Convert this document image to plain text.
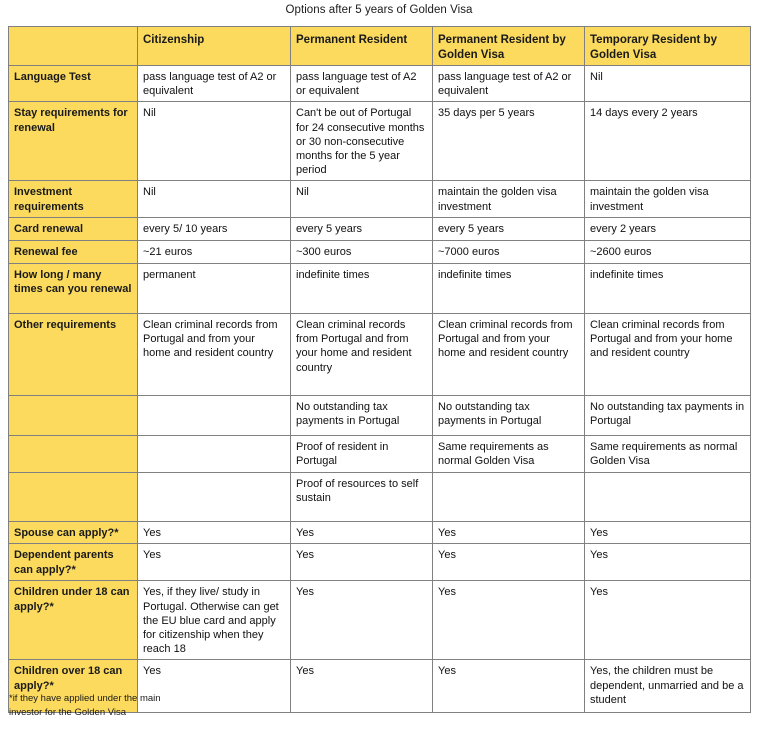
Options after 5 years of Golden Visa
	Citizenship	Permanent Resident	Permanent Resident by Golden Visa	Temporary Resident by Golden Visa
Language Test	pass language test of A2 or equivalent	pass language test of A2 or equivalent	pass language test of A2 or equivalent	Nil
Stay requirements for renewal	Nil	Can't be out of Portugal for 24 consecutive months or 30 non-consecutive months for the 5 year period	35 days per 5 years	14 days every 2 years
Investment requirements	Nil	Nil	maintain the golden visa investment	maintain the golden visa investment
Card renewal	every 5/ 10 years	every 5 years	every 5 years	every 2 years
Renewal fee	~21 euros	~300 euros	~7000 euros	~2600 euros
How long / many times can you renewal	permanent	indefinite times	indefinite times	indefinite times
Other requirements	Clean criminal records from Portugal and from your home and resident country	Clean criminal records from Portugal and from your home and resident country	Clean criminal records from Portugal and from your home and resident country	Clean criminal records from Portugal and from your home and resident country
		No outstanding tax payments in Portugal	No outstanding tax payments in Portugal	No outstanding tax payments in Portugal
		Proof of resident in Portugal	Same requirements as normal Golden Visa	Same requirements as normal Golden Visa
		Proof of resources to self sustain		
Spouse can apply?*	Yes	Yes	Yes	Yes
Dependent parents can apply?*	Yes	Yes	Yes	Yes
Children under 18 can apply?*	Yes, if they live/ study in Portugal. Otherwise can get the EU blue card and apply for citizenship when they reach 18	Yes	Yes	Yes
Children over 18 can apply?*	Yes	Yes	Yes	Yes, the children must be dependent, unmarried and be a student
*if they have applied under the main investor for the Golden Visa
